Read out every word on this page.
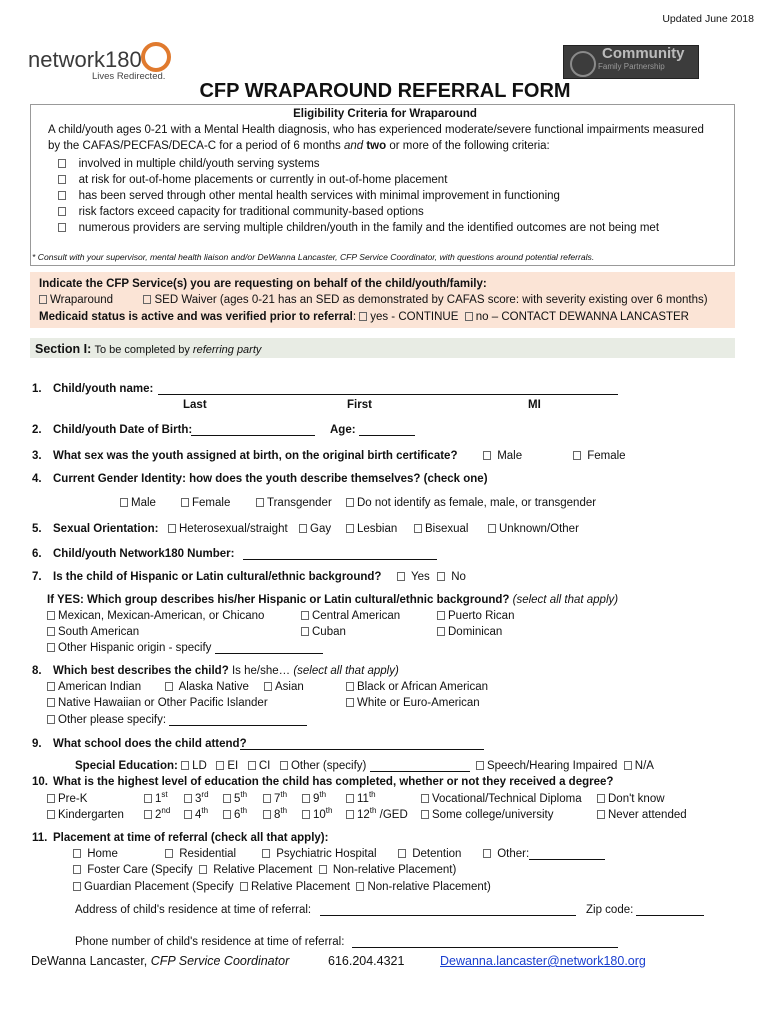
Updated June 2018
network180
Lives Redirected.
Community
Family Partnership
CFP WRAPAROUND REFERRAL FORM
Eligibility Criteria for Wraparound
A child/youth ages 0-21 with a Mental Health diagnosis, who has experienced moderate/severe functional impairments measured
by the CAFAS/PECFAS/DECA-C for a period of 6 months and two or more of the following criteria:
involved in multiple child/youth serving systems
at risk for out-of-home placements or currently in out-of-home placement
has been served through other mental health services with minimal improvement in functioning
risk factors exceed capacity for traditional community-based options
numerous providers are serving multiple children/youth in the family and the identified outcomes are not being met
* Consult with your supervisor, mental health liaison and/or DeWanna Lancaster, CFP Service Coordinator, with questions around potential referrals.
Indicate the CFP Service(s) you are requesting on behalf of the child/youth/family:
Wraparound	SED Waiver (ages 0-21 has an SED as demonstrated by CAFAS score: with severity existing over 6 months)
Medicaid status is active and was verified prior to referral: yes - CONTINUE no – CONTACT DEWANNA LANCASTER
Section I: To be completed by referring party
1. Child/youth name:
Last	First	MI
2. Child/youth Date of Birth:	Age:
3. What sex was the youth assigned at birth, on the original birth certificate?	Male	Female
4. Current Gender Identity: how does the youth describe themselves? (check one)
Male	Female	Transgender	Do not identify as female, male, or transgender
5. Sexual Orientation:	Heterosexual/straight	Gay	Lesbian	Bisexual	Unknown/Other
6. Child/youth Network180 Number:
7. Is the child of Hispanic or Latin cultural/ethnic background?	Yes	No
If YES: Which group describes his/her Hispanic or Latin cultural/ethnic background? (select all that apply)
Mexican, Mexican-American, or Chicano	Central American	Puerto Rican
South American	Cuban	Dominican
Other Hispanic origin - specify
8. Which best describes the child? Is he/she… (select all that apply)
American Indian	Alaska Native	Asian	Black or African American
Native Hawaiian or Other Pacific Islander	White or Euro-American
Other please specify:
9. What school does the child attend?
Special Education: LD EI CI Other (specify)	Speech/Hearing Impaired N/A
10. What is the highest level of education the child has completed, whether or not they received a degree?
Pre-K	1st	3rd	5th	7th	9th	11th	Vocational/Technical Diploma	Don't know
Kindergarten	2nd	4th	6th	8th	10th	12th /GED	Some college/university	Never attended
11. Placement at time of referral (check all that apply):
Home	Residential	Psychiatric Hospital	Detention	Other:
Foster Care (Specify Relative Placement Non-relative Placement)
Guardian Placement (Specify Relative Placement Non-relative Placement)
Address of child's residence at time of referral:	Zip code:
Phone number of child's residence at time of referral:
DeWanna Lancaster, CFP Service Coordinator	616.204.4321	Dewanna.lancaster@network180.org
